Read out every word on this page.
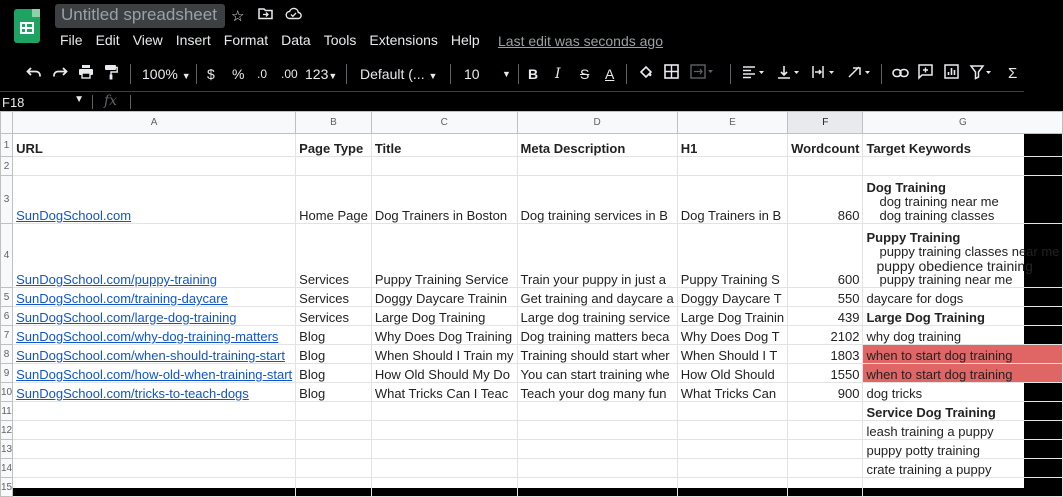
Untitled spreadsheet ☆
File Edit View Insert Format Data Tools Extensions Help Last edit was seconds ago
100% ▼ $ % .0 .00 123▼ Default (... ▼ 10 ▼ B I S A	Σ
F18	▼ fx
	A	B	C	D	E	F	G
1	URL	Page Type	Title	Meta Description	H1	Wordcount	Target Keywords
2							
3	SunDogSchool.com	Home Page	Dog Trainers in Boston	Dog training services in B	Dog Trainers in B	860	Dog Training
dog training near me
dog training classes

4	SunDogSchool.com/puppy-training	Services	Puppy Training Service	Train your puppy in just a	Puppy Training S	600	Puppy Training
puppy training classes near me
puppy obedience training
puppy training near me

5	SunDogSchool.com/training-daycare	Services	Doggy Daycare Trainin	Get training and daycare a	Doggy Daycare T	550	daycare for dogs
6	SunDogSchool.com/large-dog-training	Services	Large Dog Training	Large dog training service	Large Dog Trainin	439	Large Dog Training
7	SunDogSchool.com/why-dog-training-matters	Blog	Why Does Dog Training	Dog training matters beca	Why Does Dog T	2102	why dog training
8	SunDogSchool.com/when-should-training-start	Blog	When Should I Train my	Training should start wher	When Should I T	1803	when to start dog training
9	SunDogSchool.com/how-old-when-training-start	Blog	How Old Should My Do	You can start training whe	How Old Should	1550	when to start dog training
10	SunDogSchool.com/tricks-to-teach-dogs	Blog	What Tricks Can I Teac	Teach your dog many fun	What Tricks Can	900	dog tricks
11							Service Dog Training
12							leash training a puppy
13							puppy potty training
14							crate training a puppy
15							
